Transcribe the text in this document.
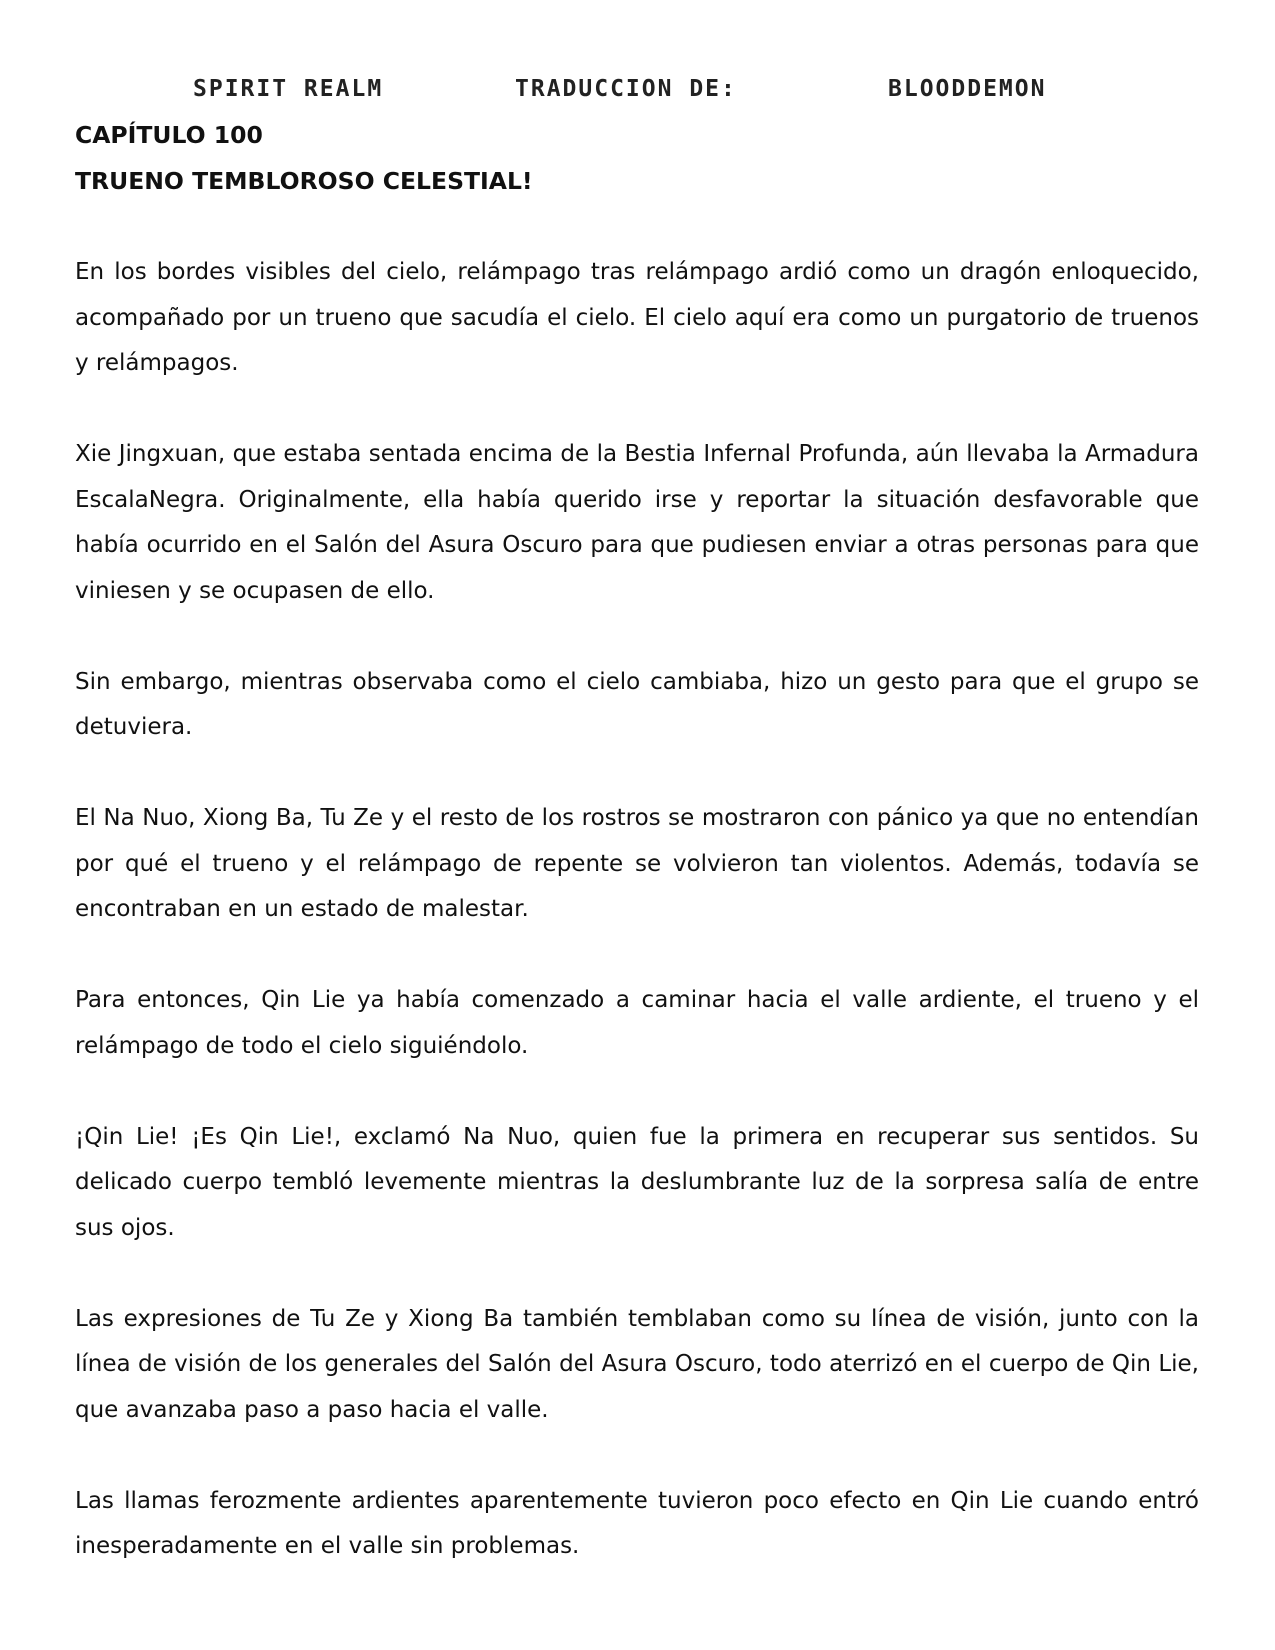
SPIRIT REALM	TRADUCCION DE:	BLOODDEMON

CAPÍTULO 100

TRUENO TEMBLOROSO CELESTIAL!

En los bordes visibles del cielo, relámpago tras relámpago ardió como un dragón enloquecido, acompañado por un trueno que sacudía el cielo. El cielo aquí era como un purgatorio de truenos y relámpagos.

Xie Jingxuan, que estaba sentada encima de la Bestia Infernal Profunda, aún llevaba la Armadura EscalaNegra. Originalmente, ella había querido irse y reportar la situación desfavorable que había ocurrido en el Salón del Asura Oscuro para que pudiesen enviar a otras personas para que viniesen y se ocupasen de ello.

Sin embargo, mientras observaba como el cielo cambiaba, hizo un gesto para que el grupo se detuviera.

El Na Nuo, Xiong Ba, Tu Ze y el resto de los rostros se mostraron con pánico ya que no entendían por qué el trueno y el relámpago de repente se volvieron tan violentos. Además, todavía se encontraban en un estado de malestar.

Para entonces, Qin Lie ya había comenzado a caminar hacia el valle ardiente, el trueno y el relámpago de todo el cielo siguiéndolo.

¡Qin Lie! ¡Es Qin Lie!, exclamó Na Nuo, quien fue la primera en recuperar sus sentidos. Su delicado cuerpo tembló levemente mientras la deslumbrante luz de la sorpresa salía de entre sus ojos.

Las expresiones de Tu Ze y Xiong Ba también temblaban como su línea de visión, junto con la línea de visión de los generales del Salón del Asura Oscuro, todo aterrizó en el cuerpo de Qin Lie, que avanzaba paso a paso hacia el valle.

Las llamas ferozmente ardientes aparentemente tuvieron poco efecto en Qin Lie cuando entró inesperadamente en el valle sin problemas.
